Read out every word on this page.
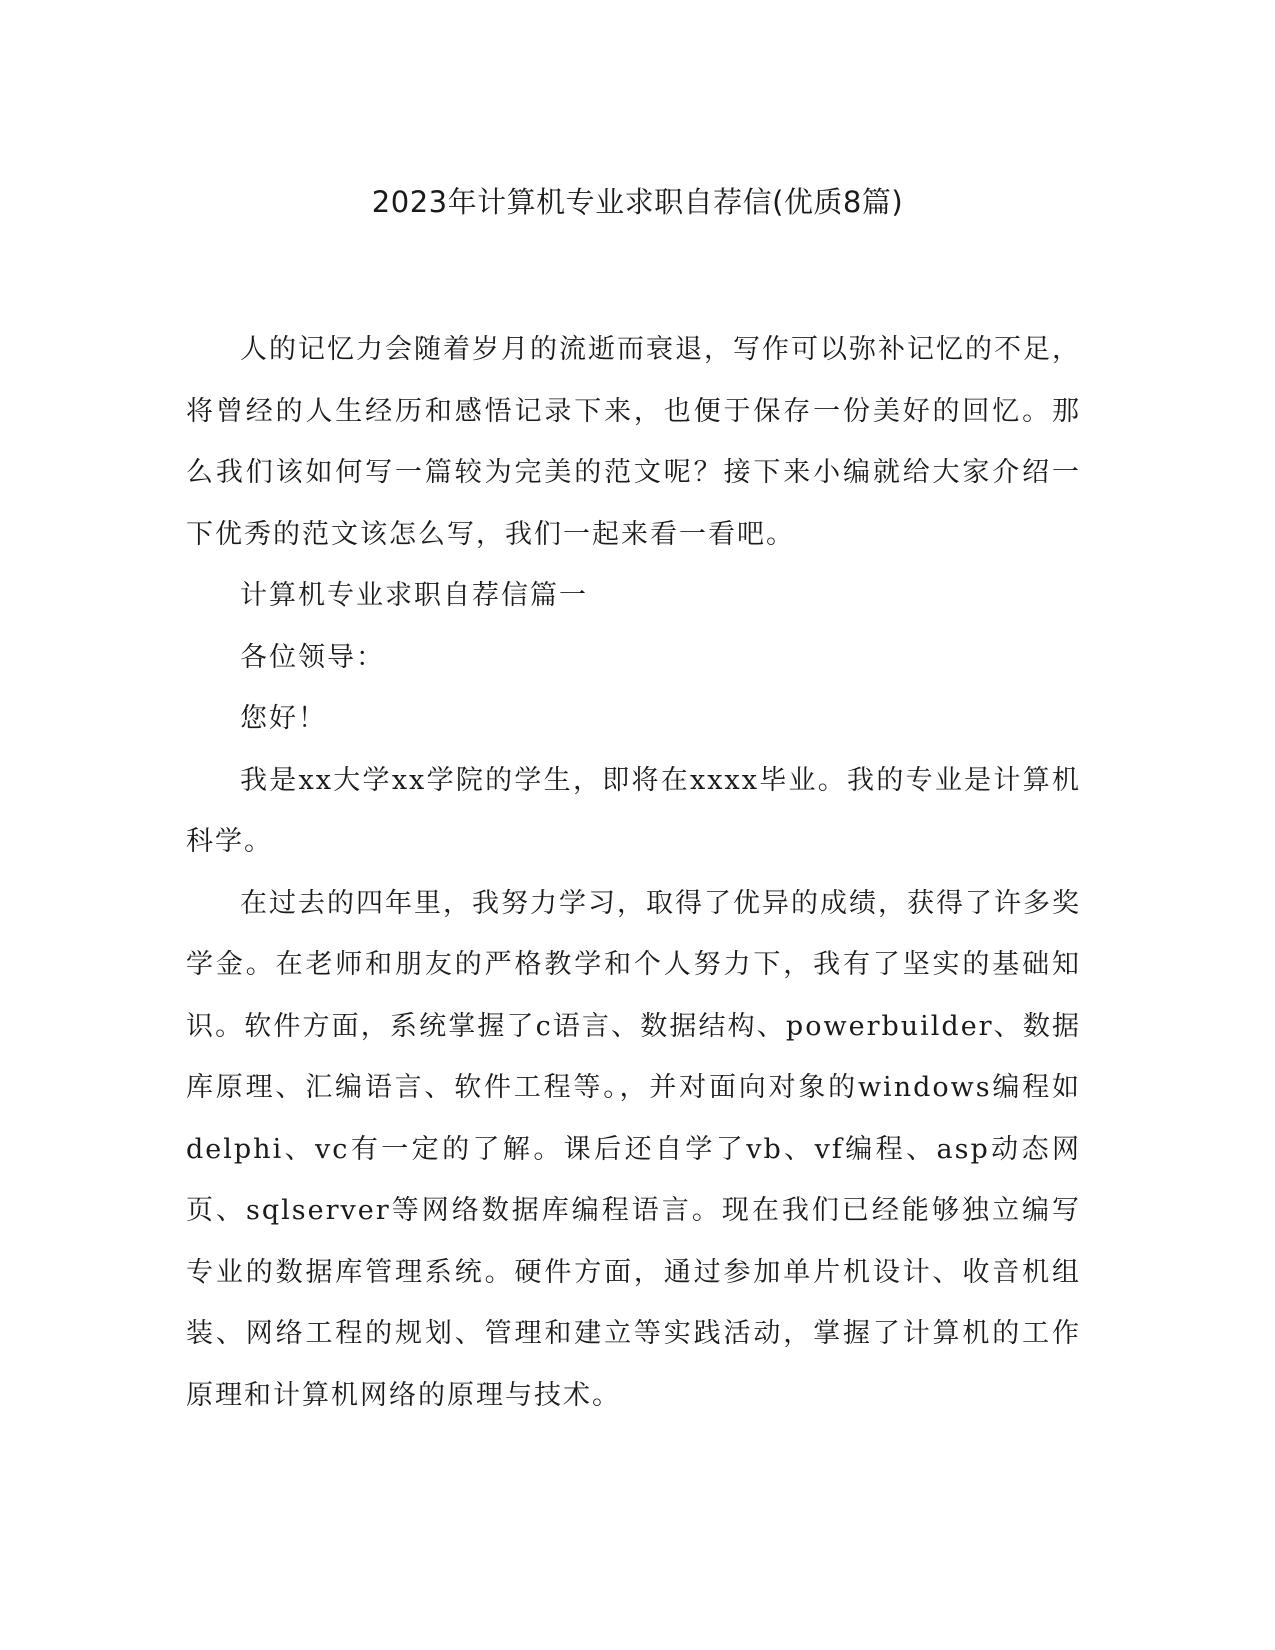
2023年计算机专业求职自荐信(优质8篇)

人的记忆力会随着岁月的流逝而衰退，写作可以弥补记忆的不足，将曾经的人生经历和感悟记录下来，也便于保存一份美好的回忆。那么我们该如何写一篇较为完美的范文呢？接下来小编就给大家介绍一下优秀的范文该怎么写，我们一起来看一看吧。

计算机专业求职自荐信篇一

各位领导：

您好！

我是xx大学xx学院的学生，即将在xxxx毕业。我的专业是计算机科学。

在过去的四年里，我努力学习，取得了优异的成绩，获得了许多奖学金。在老师和朋友的严格教学和个人努力下，我有了坚实的基础知识。软件方面，系统掌握了c语言、数据结构、powerbuilder、数据库原理、汇编语言、软件工程等。，并对面向对象的windows编程如delphi、vc有一定的了解。课后还自学了vb、vf编程、asp动态网页、sqlserver等网络数据库编程语言。现在我们已经能够独立编写专业的数据库管理系统。硬件方面，通过参加单片机设计、收音机组装、网络工程的规划、管理和建立等实践活动，掌握了计算机的工作原理和计算机网络的原理与技术。
